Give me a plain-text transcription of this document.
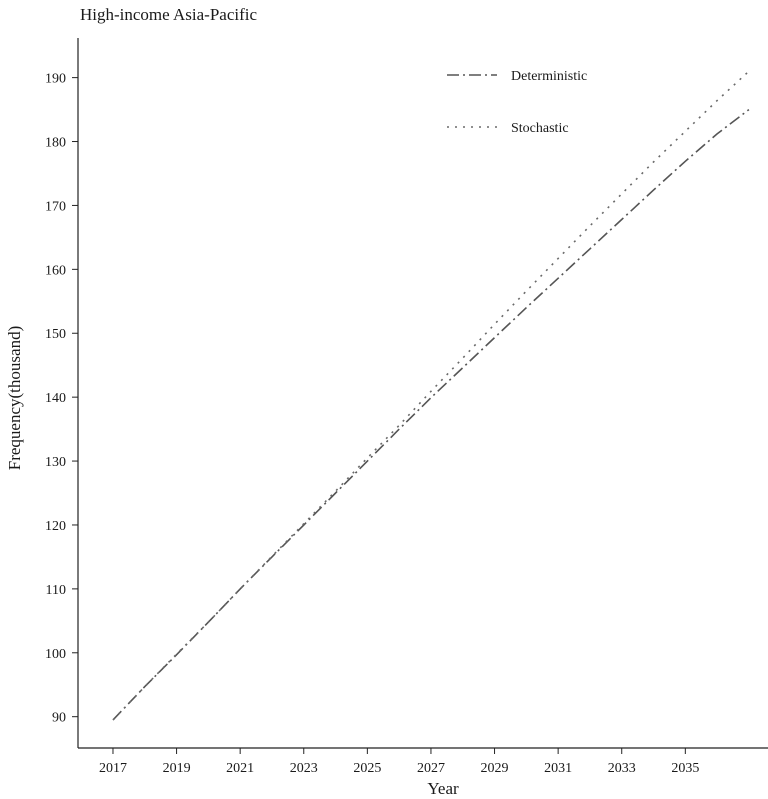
High-income Asia-Pacific
Frequency(thousand)
Year
2017	2019	2021	2023	2025	2027	2029	2031	2033	2035
90
100
110
120
130
140
150
160
170
180
190	Deterministic
Stochastic
